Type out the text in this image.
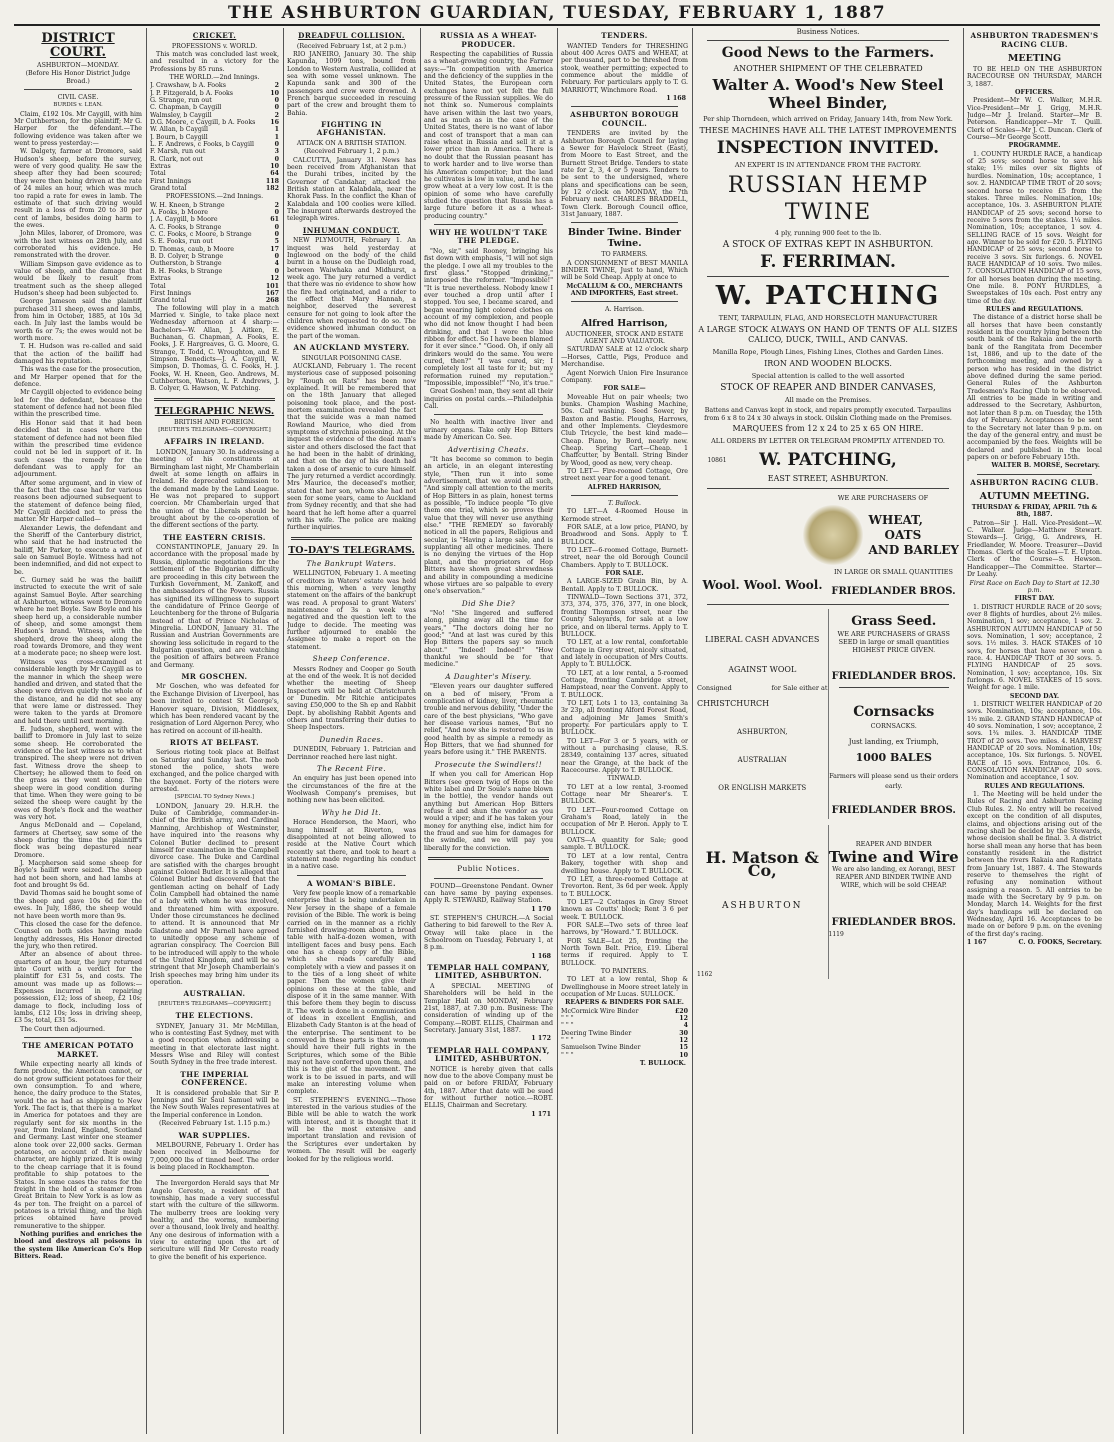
THE ASHBURTON GUARDIAN, TUESDAY, FEBRUARY 1, 1887
DISTRICT COURT.
ASHBURTON—MONDAY.
(Before His Honor District Judge Broad.)
CIVIL CASE.
BURDIS v. LEAN.

Claim, £192 10s. Mr Caygill, with him Mr Cuthbertson, for the plaintiff; Mr G. Harper for the defendant.—The following evidence was taken after we went to press yesterday:—

W. Dalgety, farmer at Dromore, said Hudson's sheep, before the survey, were of very good quality. He saw the sheep after they had been scoured; they were then being driven at the rate of 24 miles an hour, which was much too rapid a rate for ewes in lamb. The estimate of that such driving would result in a loss of from 20 to 30 per cent of lambs, besides doing harm to the ewes.

John Miles, laborer, of Dromore, was with the last witness on 28th July, and corroborated his evidence. He remonstrated with the drover.

William Simpson gave evidence as to value of sheep, and the damage that would be likely to result from treatment such as the sheep alleged Hudson's sheep had been subjected to.

George Jameson said the plaintiff purchased 311 sheep, ewes and lambs, from him in October, 1885, at 10s 3d each. In July last the lambs would be worth 6s or 7s; the ewes would not be worth more.

T. H. Hudson was re-called and said that the action of the bailiff had damaged his reputation.

This was the case for the prosecution, and Mr Harper opened that for the defence.

Mr Caygill objected to evidence being led for the defendant, because the statement of defence had not been filed within the prescribed time.

His Honor said that it had been decided that in cases where the statement of defence had not been filed within the prescribed time evidence could not be led in support of it. In such cases the remedy for the defendant was to apply for an adjournment.

After some argument, and in view of the fact that the case had for various reasons been adjourned subsequent to the statement of defence being filed, Mr Caygill decided not to press the matter. Mr Harper called—

Alexander Lewis, the defendant and the Sheriff of the Canterbury district, who said that he had instructed the bailiff, Mr Parker, to execute a writ of sale on Samuel Boyle. Witness had not been indemnified, and did not expect to be.

C. Gurney said he was the bailiff instructed to execute the writ of sale against Samuel Boyle. After searching at Ashburton, witness went to Dromore where he met Boyle. Saw Boyle and his sheep herd up, a considerable number of sheep, and some amongst them Hudson's brand. Witness, with the shepherd, drove the sheep along the road towards Dromore, and they went at a moderate pace; no sheep were lost.

Witness was cross-examined at considerable length by Mr Caygill as to the manner in which the sheep were handled and driven, and stated that the sheep were driven quietly the whole of the distance, and he did not see any that were lame or distressed. They were taken to the yards at Dromore and held there until next morning.

E. Judson, shepherd, went with the bailiff to Dromore in July last to seize some sheep. He corroborated the evidence of the last witness as to what transpired. The sheep were not driven fast. Witness drove the sheep to Chertsey; he allowed them to feed on the grass as they went along. The sheep were in good condition during that time. When they were going to be seized the sheep were caught by the ewes of Boyle's flock and the weather was very hot.

Angus McDonald and — Copeland, farmers at Chertsey, saw some of the sheep during the time the plaintiff's flock was being depastured near Dromore.

J. Macpherson said some sheep for Boyle's bailiff were seized. The sheep had not been shorn, and had lambs at foot and brought 9s 6d.

David Thomas said he bought some of the sheep and gave 10s 6d for the ewes. In July, 1886, the sheep would not have been worth more than 9s.

This closed the case for the defence. Counsel on both sides having made lengthy addresses, His Honor directed the jury, who then retired.

After an absence of about three-quarters of an hour, the jury returned into Court with a verdict for the plaintiff for £31 5s, and costs. The amount was made up as follows:—Expenses incurred in repairing possession, £12; loss of sheep, £2 10s; damage to flock, including loss of lambs, £12 10s; loss in driving sheep, £3 5s; total, £31 5s.

The Court then adjourned.

THE AMERICAN POTATO MARKET.

While expecting nearly all kinds of farm produce, the American cannot, or do not grow sufficient potatoes for their own consumption. To and where, hence, the dairy produce to the States, would the as had as shipping to New York. The fact is, that there is a market in America for potatoes and they are regularly sent for six months in the year, from Ireland, England, Scotland and Germany. Last winter one steamer alone took over 22,000 sacks. German potatoes, on account of their mealy character, are highly prized. It is owing to the cheap carriage that it is found profitable to ship potatoes to the States. In some cases the rates for the freight in the hold of a steamer from Great Britain to New York is as low as 4s per ton. The freight on a parcel of potatoes is a trivial thing, and the high prices obtained have proved remunerative to the shipper.

Nothing purifies and enriches the blood and destroys all poisons in the system like American Co's Hop Bitters. Read.

CRICKET.
PROFESSIONS v. WORLD.

This match was concluded last week, and resulted in a victory for the Professions by 85 runs.

THE WORLD.—2nd Innings.
J. Crawshaw, b A. Fooks	2
J. P. Fitzgerald, b A. Fooks	10
G. Strange, run out	0
C. Chapman, b Caygill	0
Walmsley, b Caygill	2
D.G. Moore, c Caygill, b A. Fooks 16
W. Allan, b Caygill	1
J. Bourn, b Caygill	1
L. F. Andrews, c Fooks, b Caygill	0
F. Marsh, run out	3
R. Clark, not out	0
Extras	10
Total	64
First Innings	118
Grand total	182
PROFESSIONS.—2nd Innings.
W. H. Kneen, b Strange	2
A. Fooks, b Moore	0
J. A. Caygill, b Moore	61
A. C. Fooks, b Strange	0
C. C. Fooks, c Moore, b Strange	0
S. E. Fooks, run out	5
D. Thomas, caub, b Moore	17
B. D. Colyer, b Strange	0
Outherston, b Strange	4
B. H. Fooks, b Strange	0
Extras	12
Total	101
First Innings	167
Grand total	268

The following will play in a match Married v. Single, to take place next Wednesday afternoon at 4 sharp:—Bachelors—W. Allan, J. Aitken, E. Buchanan, G. Chapman, A. Fooks, E. Fooks, J. F. Hargreaves, G. G. Moore, G. Strange, T. Todd, C. Wroughton, and E. Simpson. Benedicts—J. A. Caygill, W. Simpson, D. Thomas, G. C. Fooks, H. J. Fooks, W. H. Kneen, Geo. Andrews, M. Cuthbertson, Watson, L. F. Andrews, J. B. Colyer, G. Hawson, W. Patching.

TELEGRAPHIC NEWS.
BRITISH AND FOREIGN.
[REUTER'S TELEGRAMS—COPYRIGHT.]
AFFAIRS IN IRELAND.

LONDON, January 30. In addressing a meeting of his constituents at Birmingham last night, Mr Chamberlain dwelt at some length on affairs in Ireland. He deprecated submission to the demand made by the Land League. He was not prepared to support coercion. Mr Chamberlain urged that the union of the Liberals should be brought about by the co-operation of the different sections of the party.

THE EASTERN CRISIS.

CONSTANTINOPLE, January 29. In accordance with the proposal made by Russia, diplomatic negotiations for the settlement of the Bulgarian difficulty are proceeding in this city between the Turkish Government, M. Zankoff, and the ambassadors of the Powers. Russia has signified its willingness to support the candidature of Prince George of Leuchtenberg for the throne of Bulgaria instead of that of Prince Nicholas of Mingrelia. LONDON, January 31. The Russian and Austrian Governments are showing less solicitude in regard to the Bulgarian question, and are watching the position of affairs between France and Germany.

MR GOSCHEN.

Mr Goschen, who was defeated for the Exchange Division of Liverpool, has been invited to contest St George's, Hanover square, Division, Middlesex, which has been rendered vacant by the resignation of Lord Algernon Percy, who has retired on account of ill-health.

RIOTS AT BELFAST.

Serious rioting took place at Belfast on Saturday and Sunday last. The mob stoned the police, shots were exchanged, and the police charged with the bayonet. Forty of the rioters were arrested.

[SPECIAL TO Sydney News.]

LONDON, January 29. H.R.H. the Duke of Cambridge, commander-in-chief of the British army, and Cardinal Manning, Archbishop of Westminster, have inquired into the reasons why Colonel Butler declined to present himself for examination in the Campbell divorce case. The Duke and Cardinal are satisfied with the charges brought against Colonel Butler. It is alleged that Colonel Butler had discovered that the gentleman acting on behalf of Lady Colin Campbell had obtained the name of a lady with whom he was involved, and threatened him with exposure. Under those circumstances he declined to attend. It is announced that Mr Gladstone and Mr Parnell have agreed to unitedly oppose any scheme of agrarian conspiracy. The Coercion Bill to be introduced will apply to the whole of the United Kingdom, and will be so stringent that Mr Joseph Chamberlain's Irish speeches may bring him under its operation.

AUSTRALIAN.
[REUTER'S TELEGRAMS—COPYRIGHT.]
THE ELECTIONS.

SYDNEY, January 31. Mr McMillan, who is contesting East Sydney, met with a good reception when addressing a meeting in that electorate last night. Messrs Wise and Riley will contest South Sydney in the free trade interest.

THE IMPERIAL CONFERENCE.

It is considered probable that Sir P. Jennings and Sir Saul Samuel will be the New South Wales representatives at the Imperial conference in London.

(Received February 1st. 1.15 p.m.)
WAR SUPPLIES.

MELBOURNE, February 1. Order has been received in Melbourne for 7,000,000 lbs of tinned beef. The order is being placed in Rockhampton.

The Invergordon Herald says that Mr Angelo Ceresto, a resident of that township, has made a very successful start with the culture of the silkworm. The mulberry trees are looking very healthy, and the worms, numbering over a thousand, look lively and healthy. Any one desirous of information with a view to entering upon the art of sericulture will find Mr Ceresto ready to give the benefit of his experience.

DREADFUL COLLISION.
(Received February 1st, at 2 p.m.)

RIO JANEIRO, January 30. The ship Kapunda, 1099 tons, bound from London to Western Australia, collided at sea with some vessel unknown. The Kapunda sank and 300 of the passengers and crew were drowned. A French barque succeeded in rescuing part of the crew and brought them to Bahia.

FIGHTING IN AFGHANISTAN.
ATTACK ON A BRITISH STATION.
(Received February 1, 2 p.m.)

CALCUTTA, January 31. News has been received from Afghanistan that the Durahi tribes, incited by the Governor of Candahar, attacked the British station at Kalabdala, near the Khorak Pass. In the conflict the Khan of Kalabdala and 100 coolies were killed. The insurgent afterwards destroyed the telegraph wires.

INHUMAN CONDUCT.

NEW PLYMOUTH, February 1. An inquest was held yesterday at Inglewood on the body of the child burnt in a house on the Dudleigh road, between Waiwhaka and Midhurst, a week ago. The jury returned a verdict that there was no evidence to show how the fire had originated, and a rider to the effect that Mary Hannah, a neighbor, deserved the severest censure for not going to look after the children when requested to do so. The evidence showed inhuman conduct on the part of the woman.

AN AUCKLAND MYSTERY.
SINGULAR POISONING CASE.

AUCKLAND, February 1. The recent mysterious case of supposed poisoning by "Rough on Rats" has been now explained. It will be remembered that on the 18th January that alleged poisoning took place, and the post-mortem examination revealed the fact that the suicide was a man named Rowland Maurice, who died from symptoms of strychnia poisoning. At the inquest the evidence of the dead man's sister and others disclosed the fact that he had been in the habit of drinking, and that on the day of his death had taken a dose of arsenic to cure himself. The jury returned a verdict accordingly. Mrs Maurice, the deceased's mother, stated that her son, whom she had not seen for some years, came to Auckland from Sydney recently, and that she had heard that he left home after a quarrel with his wife. The police are making further inquiries.

TO-DAY'S TELEGRAMS.
The Bankrupt Waters.

WELLINGTON, February 1. A meeting of creditors in Waters' estate was held this morning, when a very lengthy statement on the affairs of the bankrupt was read. A proposal to grant Waters' maintenance of 3s a week was negatived and the question left to the Judge to decide. The meeting was further adjourned to enable the Assignee to make a report on the statement.

Sheep Conference.

Messrs Rodney and Cooper go South at the end of the week. It is not decided whether the meeting of Sheep Inspectors will be held at Christchurch or Dunedin. Mr Ritchie anticipates saving £50,000 to the Sh ep and Rabbit Dept. by abolishing Rabbit Agents and others and transferring their duties to Sheep Inspectors.

Dunedin Races.

DUNEDIN, February 1. Patrician and Derrinnor reached here last night.

The Recent Fire.

An enquiry has just been opened into the circumstances of the fire at the Woolwash Company's premises, but nothing new has been elicited.

Why he Did It.

Horace Henderson, the Maori, who hung himself at Riverton, was disappointed at not being allowed to reside at the Native Court which recently sat there, and took to heart a statement made regarding his conduct in a native case.

A WOMAN'S BIBLE.

Very few people know of a remarkable enterprise that is being undertaken in New Jersey in the shape of a female revision of the Bible. The work is being carried on in the manner as a richly furnished drawing-room about a broad table with half-a-dozen women, with intelligent faces and busy pens. Each one has a cheap copy of the Bible, which she reads carefully and completely with a view and passes it on to the ties of a long sheet of white paper. Then the women give their opinions on these at the table, and dispose of it in the same manner. With this before them they begin to discuss it. The work is done in a communication of ideas in excellent English, and Elizabeth Cady Stanton is at the head of the enterprise. The sentiment to be conveyed in these parts is that women should have their full rights in the Scriptures, which some of the Bible may not have conferred upon them, and this is the gist of the movement. The work is to be issued in parts, and will make an interesting volume when complete.

ST. STEPHEN'S EVENING.—Those interested in the various studies of the Bible will be able to watch the work with interest, and it is thought that it will be the most extensive and important translation and revision of the Scriptures ever undertaken by women. The result will be eagerly looked for by the religious world.

RUSSIA AS A WHEAT-PRODUCER.

Respecting the capabilities of Russia as a wheat-growing country, the Farmer says:—"In competition with America and the deficiency of the supplies in the United States, the European corn exchanges have not yet felt the full pressure of the Russian supplies. We do not think so. Numerous complaints have arisen within the last two years, and as much as in the case of the United States, there is no want of labor and cost of transport that a man can raise wheat in Russia and sell it at a lower price than in America. There is no doubt that the Russian peasant has to work harder and to live worse than his American competitor; but the land he cultivates is low in value, and he can grow wheat at a very low cost. It is the opinion of some who have carefully studied the question that Russia has a large future before it as a wheat-producing country."

WHY HE WOULDN'T TAKE THE PLEDGE.

"No, sir," said Rooney, bringing his fist down with emphasis, "I will not sign the pledge. I owe all my troubles to the first glass." "Stopped drinking," interposed the reformer. "Impossible!" "It is true nevertheless. Nobody knew I ever touched a drop until after I stopped. You see, I became scared, and began wearing light colored clothes on account of my complexion, and people who did not know thought I had been drinking, and that I wore the blue ribbon for effect. So I have been blamed for it ever since." "Good. Oh, if only all drinkers would do the same. You were cured, then?" "I was cured, sir; I completely lost all taste for it; but my reformation ruined my reputation." "Impossible, impossible!" "No, it's true."

Great Goshen! man, they sent all their inquiries on postal cards.—Philadelphia Call.

No health with inactive liver and urinary organs. Take only Hop Bitters made by American Co. See.

Advertising Cheats.

"It has become so common to begin an article, in an elegant interesting style, "Then run it into some advertisement, that we avoid all such, "And simply call attention to the merits of Hop Bitters in as plain, honest terms as possible, "To induce people "To give them one trial, which so proves their value that they will never use anything else." "THE REMEDY so favorably noticed in all the papers, Religious and secular, is "Having a large sale, and is supplanting all other medicines. There is no denying the virtues of the Hop plant, and the proprietors of Hop Bitters have shown great shrewdness and ability in compounding a medicine whose virtues are so palpable to every one's observation."

Did She Die?

"No! "She lingered and suffered along, pining away all the time for years," "The doctors doing her no good;" "And at last was cured by this Hop Bitters the papers say so much about." "Indeed! Indeed!" "How thankful we should be for that medicine."

A Daughter's Misery.

"Eleven years our daughter suffered on a bed of misery, "From a complication of kidney, liver, rheumatic trouble and nervous debility, "Under the care of the best physicians, "Who gave her disease various names, "But no relief, "And now she is restored to us in good health by as simple a remedy as Hop Bitters, that we had shunned for years before using it." THE PARENTS.

Prosecute the Swindlers!!

If when you call for American Hop Bitters (see green twig of Hops on the white label and Dr Soule's name blown in the bottle), the vendor hands out anything but American Hop Bitters refuse it and shun the vendor as you would a viper; and if he has taken your money for anything else, indict him for the fraud and sue him for damages for the swindle, and we will pay you liberally for the conviction.

Public Notices.

FOUND—Greenstone Pendant. Owner can have same by paying expenses. Apply R. STEWARD, Railway Station.

1 170

ST. STEPHEN'S CHURCH.—A Social Gathering to bid farewell to the Rev A. Otway will take place in the Schoolroom on Tuesday, February 1, at 8 p.m.

1 168
TEMPLAR HALL COMPANY, LIMITED, ASHBURTON.

A SPECIAL MEETING of Shareholders will be held in the Templar Hall on MONDAY, February 21st, 1887, at 7.30 p.m. Business: The consideration of winding up of the Company.—ROBT. ELLIS, Chairman and Secretary. January 31st, 1887.

1 172
TEMPLAR HALL COMPANY, LIMITED, ASHBURTON.

NOTICE is hereby given that calls now due to the above Company must be paid on or before FRIDAY, February 4th, 1887. After that date will be sued for without further notice.—ROBT. ELLIS, Chairman and Secretary.

1 171
TENDERS.

WANTED Tenders for THRESHING about 400 Acres OATS and WHEAT, at per thousand, part to be threshed from stook, weather permitting; expected to commence about the middle of February. For particulars apply to T. G. MARRIOTT, Winchmore Road.

1 168
ASHBURTON BOROUGH COUNCIL.

TENDERS are invited by the Ashburton Borough Council for laying a Sewer for Havelock Street (East), from Moore to East Street, and the Burnett Street Bridge. Tenders to state rate for 2, 3, 4 or 5 years. Tenders to be sent to the undersigned, where plans and specifications can be seen, by 12 o'clock on MONDAY, the 7th February next. CHARLES BRADDELL, Town Clerk. Borough Council office, 31st January, 1887.

Binder Twine. Binder Twine.
TO FARMERS.

A CONSIGNMENT of BEST MANILA BINDER TWINE, Just to hand, Which will be Sold Cheap. Apply at once to

McCALLUM & CO., MERCHANTS AND IMPORTERS, East street.
A. Harrison.
Alfred Harrison,
AUCTIONEER, STOCK AND ESTATE AGENT AND VALUATOR.

SATURDAY SALE at 12 o'clock sharp —Horses, Cattle, Pigs, Produce and Merchandise.

Agent Norwich Union Fire Insurance Company.

FOR SALE—

Moveable Hut on pair wheels; two bunks. Champion Washing Machine, 50s. Calf washing. Seed Sower, by Baxton and Bastie. Ploughs, Harrows, and other Implements. Cleydesmore Club Tricycle, the best kind made—Cheap. Piano, by Bord, nearly new. Cheap. Spring Cart—Cheap. 1 Chaffcutter, by Bentall. String Binder by Wood, good as new, very cheap.

TO LET— Fire-roomed Cottage, Ore street next year for a good tenant.

ALFRED HARRISON,
T. Bullock.

TO LET—A 4-Roomed House in Kermode street.

FOR SALE, at a low price, PIANO, by Broadwood and Sons. Apply to T. BULLOCK.

TO LET—6-roomed Cottage, Burnett-street, near the old Borough Council Chambers. Apply to T. BULLOCK.

FOR SALE.

A LARGE-SIZED Grain Bin, by A. Bentall. Apply to T. BULLOCK.

TINWALD—Town Sections 371, 372, 373, 374, 375, 376, 377, in one block, fronting Thompson street, near the County Saleyards, for sale at a low price, and on liberal terms. Apply to T. BULLOCK.

TO LET, at a low rental, comfortable Cottage in Grey street, nicely situated, and lately in occupation of Mrs Coutts. Apply to T. BULLOCK.

TO LET, at a low rental, a 5-roomed Cottage, fronting Cambridge street, Hampstead, near the Convent. Apply to T. BULLOCK.

TO LET, Lots 1 to 13, containing 3a 3r 23p, all fronting Alford Forest Road, and adjoining Mr James Smith's property. For particulars apply to T. BULLOCK.

TO LET—For 3 or 5 years, with or without a purchasing clause, R.S. 28349, containing 137 acres, situated near the Grange, at the back of the Racecourse. Apply to T. BULLOCK.

TINWALD.

TO LET at a low rental, 3-roomed Cottage near Mr Shearer's. T. BULLOCK.

TO LET—Four-roomed Cottage on Graham's Road, lately in the occupation of Mr P. Heron. Apply to T. BULLOCK.

OATS—A quantity for Sale; good sample. T. BULLOCK.

TO LET at a low rental, Centra Bakery, together with shop and dwelling house. Apply to T. BULLOCK.

TO LET, a three-roomed Cottage at Trevorton. Rent, 3s 6d per week. Apply to T. BULLOCK.

TO LET—2 Cottages in Grey Street known as Coutts' block; Rent 3 6 per week. T. BULLOCK.

FOR SALE—Two sets of three leaf harrows, by "Howard." T. BULLOCK.

FOR SALE—Lot 25, fronting the North Town Belt. Price, £19. Liberal terms if required. Apply to T. BULLOCK.

TO PAINTERS.

TO LET at a low rental, Shop & Dwellinghouse in Moore street lately in occupation of Mr Lucas. SULLOCK.

REAPERS & BINDERS FOR SALE.
McCormick Wire Binder	£20
" " "	12
" " "	4
Deering Twine Binder	30
" " "	12
Samuelson Twine Binder	15
" " "	10
T. BULLOCK.
Business Notices.
Good News to the Farmers.
ANOTHER SHIPMENT OF THE CELEBRATED
Walter A. Wood's New Steel Wheel Binder,
Per ship Thorndeen, which arrived on Friday, January 14th, from New York.
THESE MACHINES HAVE ALL THE LATEST IMPROVEMENTS
INSPECTION INVITED.
AN EXPERT IS IN ATTENDANCE FROM THE FACTORY.
RUSSIAN HEMP TWINE
4 ply, running 900 feet to the lb.
A STOCK OF EXTRAS KEPT IN ASHBURTON.
F. FERRIMAN.
W. PATCHING
TENT, TARPAULIN, FLAG, AND HORSECLOTH MANUFACTURER
A LARGE STOCK ALWAYS ON HAND OF TENTS OF ALL SIZES CALICO, DUCK, TWILL, AND CANVAS.
Manilla Rope, Plough Lines, Fishing Lines, Clothes and Garden Lines.
IRON AND WOODEN BLOCKS.
Special attention is called to the well assorted
STOCK OF REAPER AND BINDER CANVASES,
All made on the Premises.
Battens and Canvas kept in stock, and repairs promptly executed. Tarpaulins from 6 x 8 to 24 x 30 always in stock. Oilskin Clothing made on the Premises.
MARQUEES from 12 x 24 to 25 x 65 ON HIRE.
ALL ORDERS BY LETTER OR TELEGRAM PROMPTLY ATTENDED TO.
10861	W. PATCHING,
EAST STREET, ASHBURTON.
WE ARE PURCHASERS OF
WHEAT,
OATS
AND BARLEY
Wool. Wool. Wool.
IN LARGE OR SMALL QUANTITIES
FRIEDLANDER BROS.
LIBERAL CASH ADVANCES
AGAINST WOOL
Consigned	for Sale either at
CHRISTCHURCH
ASHBURTON,
AUSTRALIAN
OR ENGLISH MARKETS
Grass Seed.
WE ARE PURCHASERS of GRASS SEED in large or small quantities HIGHEST PRICE GIVEN.
FRIEDLANDER BROS.
Cornsacks
CORNSACKS.
Just landing, ex Triumph,
1000 BALES
Farmers will please send us their orders early.
FRIEDLANDER BROS.
H. Matson & Co,
ASHBURTON
1162
REAPER AND BINDER
Twine and Wire
We are also landing, ex Aorangi, BEST REAPER AND BINDER TWINE AND WIRE, which will be sold CHEAP.
FRIEDLANDER BROS.
1119
ASHBURTON TRADESMEN'S RACING CLUB.
MEETING

TO BE HELD ON THE ASHBURTON RACECOURSE ON THURSDAY, MARCH 3, 1887.

OFFICERS.

President—Mr W. C. Walker, M.H.R. Vice-President—Mr J. Grigg, M.H.R. Judge—Mr J. Ireland. Starter—Mr B. Peterson. Handicapper—Mr T. Quill. Clerk of Scales—Mr J. C. Duncan. Clerk of Course—Mr George Scott.

PROGRAMME.

1. COUNTY HURDLE RACE, a handicap of 25 sovs; second horse to save his stake; 1½ miles over six flights of hurdles. Nomination, 10s; acceptance, 1 sov. 2. HANDICAP TIME TROT of 20 sovs; second horse to receive £5 from the stakes. Three miles. Nomination, 10s; acceptance, 10s. 3. ASHBURTON PLATE HANDICAP of 25 sovs; second horse to receive 5 sovs from the stakes. 1¼ miles. Nomination, 10s; acceptance, 1 sov. 4. SELLING RACE of 15 sovs. Weight for age. Winner to be sold for £20. 5. FLYING HANDICAP of 25 sovs; second horse to receive 3 sovs. Six furlongs. 6. NOVEL RACE HANDICAP of 10 sovs. Two miles. 7. CONSOLATION HANDICAP of 15 sovs, for all horses beaten during the meeting. One mile. 8. PONY HURDLES, a Sweepstakes of 10s each. Post entry any time of the day.

RULES and REGULATIONS.

The distance of a district horse shall be all horses that have been constantly resident in the country lying between the south bank of the Rakaia and the north bank of the Rangitata from December 1st, 1886, and up to the date of the forthcoming meeting, and owned by a person who has resided in the district above defined during the same period. General Rules of the Ashburton Tradesmen's Racing Club to be observed. All entries to be made in writing and addressed to the Secretary, Ashburton, not later than 8 p.m. on Tuesday, the 15th day of February. Acceptances to be sent to the Secretary not later than 9 p.m. on the day of the general entry, and must be accompanied by the fees. Weights will be declared and published in the local papers on or before February 15th.

WALTER B. MORSE, Secretary.
ASHBURTON RACING CLUB.
AUTUMN MEETING.
THURSDAY & FRIDAY, APRIL 7th & 8th, 1887.

Patron—Sir J. Hall. Vice-President—W. C. Walker. Judge—Matthew Stewart. Stewards—J. Grigg, G. Andrews, H. Friedlander, W. Moore. Treasurer—David Thomas. Clerk of the Scales—T. E. Upton. Clerk of the Course—S. Hewson. Handicapper—The Committee. Starter—Dr Leahy.

First Race on Each Day to Start at 12.30 p.m.
FIRST DAY.

1. DISTRICT HURDLE RACE of 20 sovs; over 8 flights of hurdles, about 2½ miles. Nomination, 1 sov; acceptance, 1 sov. 2. ASHBURTON AUTUMN HANDICAP of 50 sovs. Nomination, 1 sov; acceptance, 2 sovs. 1½ miles. 3. HACK STAKES of 10 sovs, for horses that have never won a race. 4. HANDICAP TROT of 30 sovs. 5. FLYING HANDICAP of 25 sovs. Nomination, 1 sov; acceptance, 10s. Six furlongs. 6. NOVEL STAKES of 15 sovs. Weight for age. 1 mile.

SECOND DAY.

1. DISTRICT WELTER HANDICAP of 20 sovs. Nomination, 10s; acceptance, 10s. 1½ mile. 2. GRAND STAND HANDICAP of 40 sovs. Nomination, 1 sov; acceptance, 2 sovs. 1¾ miles. 3. HANDICAP TIME TROT of 20 sovs. Two miles. 4. HARVEST HANDICAP of 20 sovs. Nomination, 10s; acceptance, 10s. Six furlongs. 5. NOVEL RACE of 15 sovs. Entrance, 10s. 6. CONSOLATION HANDICAP of 20 sovs. Nomination and acceptance, 1 sov.

RULES AND REGULATIONS.

1. The Meeting will be held under the Rules of Racing and Ashburton Racing Club Rules. 2. No entry will be received except on the condition of all disputes, claims, and objections arising out of the racing shall be decided by the Stewards, whose decision shall be final. 3. A district horse shall mean any horse that has been constantly resident in the district between the rivers Rakaia and Rangitata from January 1st, 1887. 4. The Stewards reserve to themselves the right of refusing any nomination without assigning a reason. 5. All entries to be made with the Secretary by 9 p.m. on Monday, March 14. Weights for the first day's handicaps will be declared on Wednesday, April 16. Acceptances to be made on or before 9 p.m. on the evening of the first day's racing.

1 167	C. O. FOOKS, Secretary.
